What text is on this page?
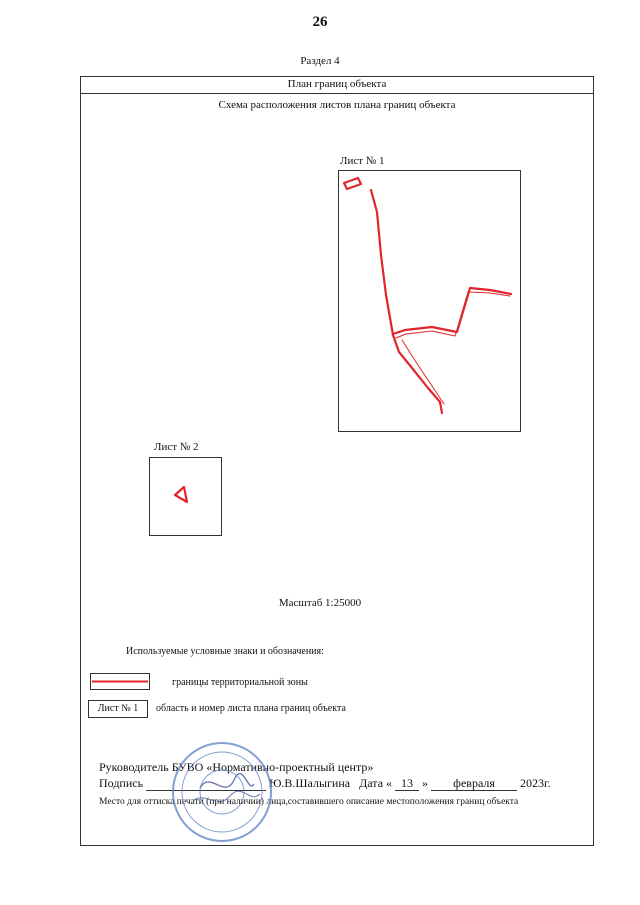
26
Раздел 4
План границ объекта
Схема расположения листов плана границ объекта
Лист № 1
Лист № 2
Масштаб 1:25000
Используемые условные знаки и обозначения:
границы территориальной зоны
Лист № 1	область и номер листа плана границ объекта
Руководитель БУВО «Нормативно-проектный центр»
Подпись	Ю.В.Шалыгина Дата « 13 » февраля 2023г.
Место для оттиска печати (при наличии) лица,составившего описание местоположения границ объекта
